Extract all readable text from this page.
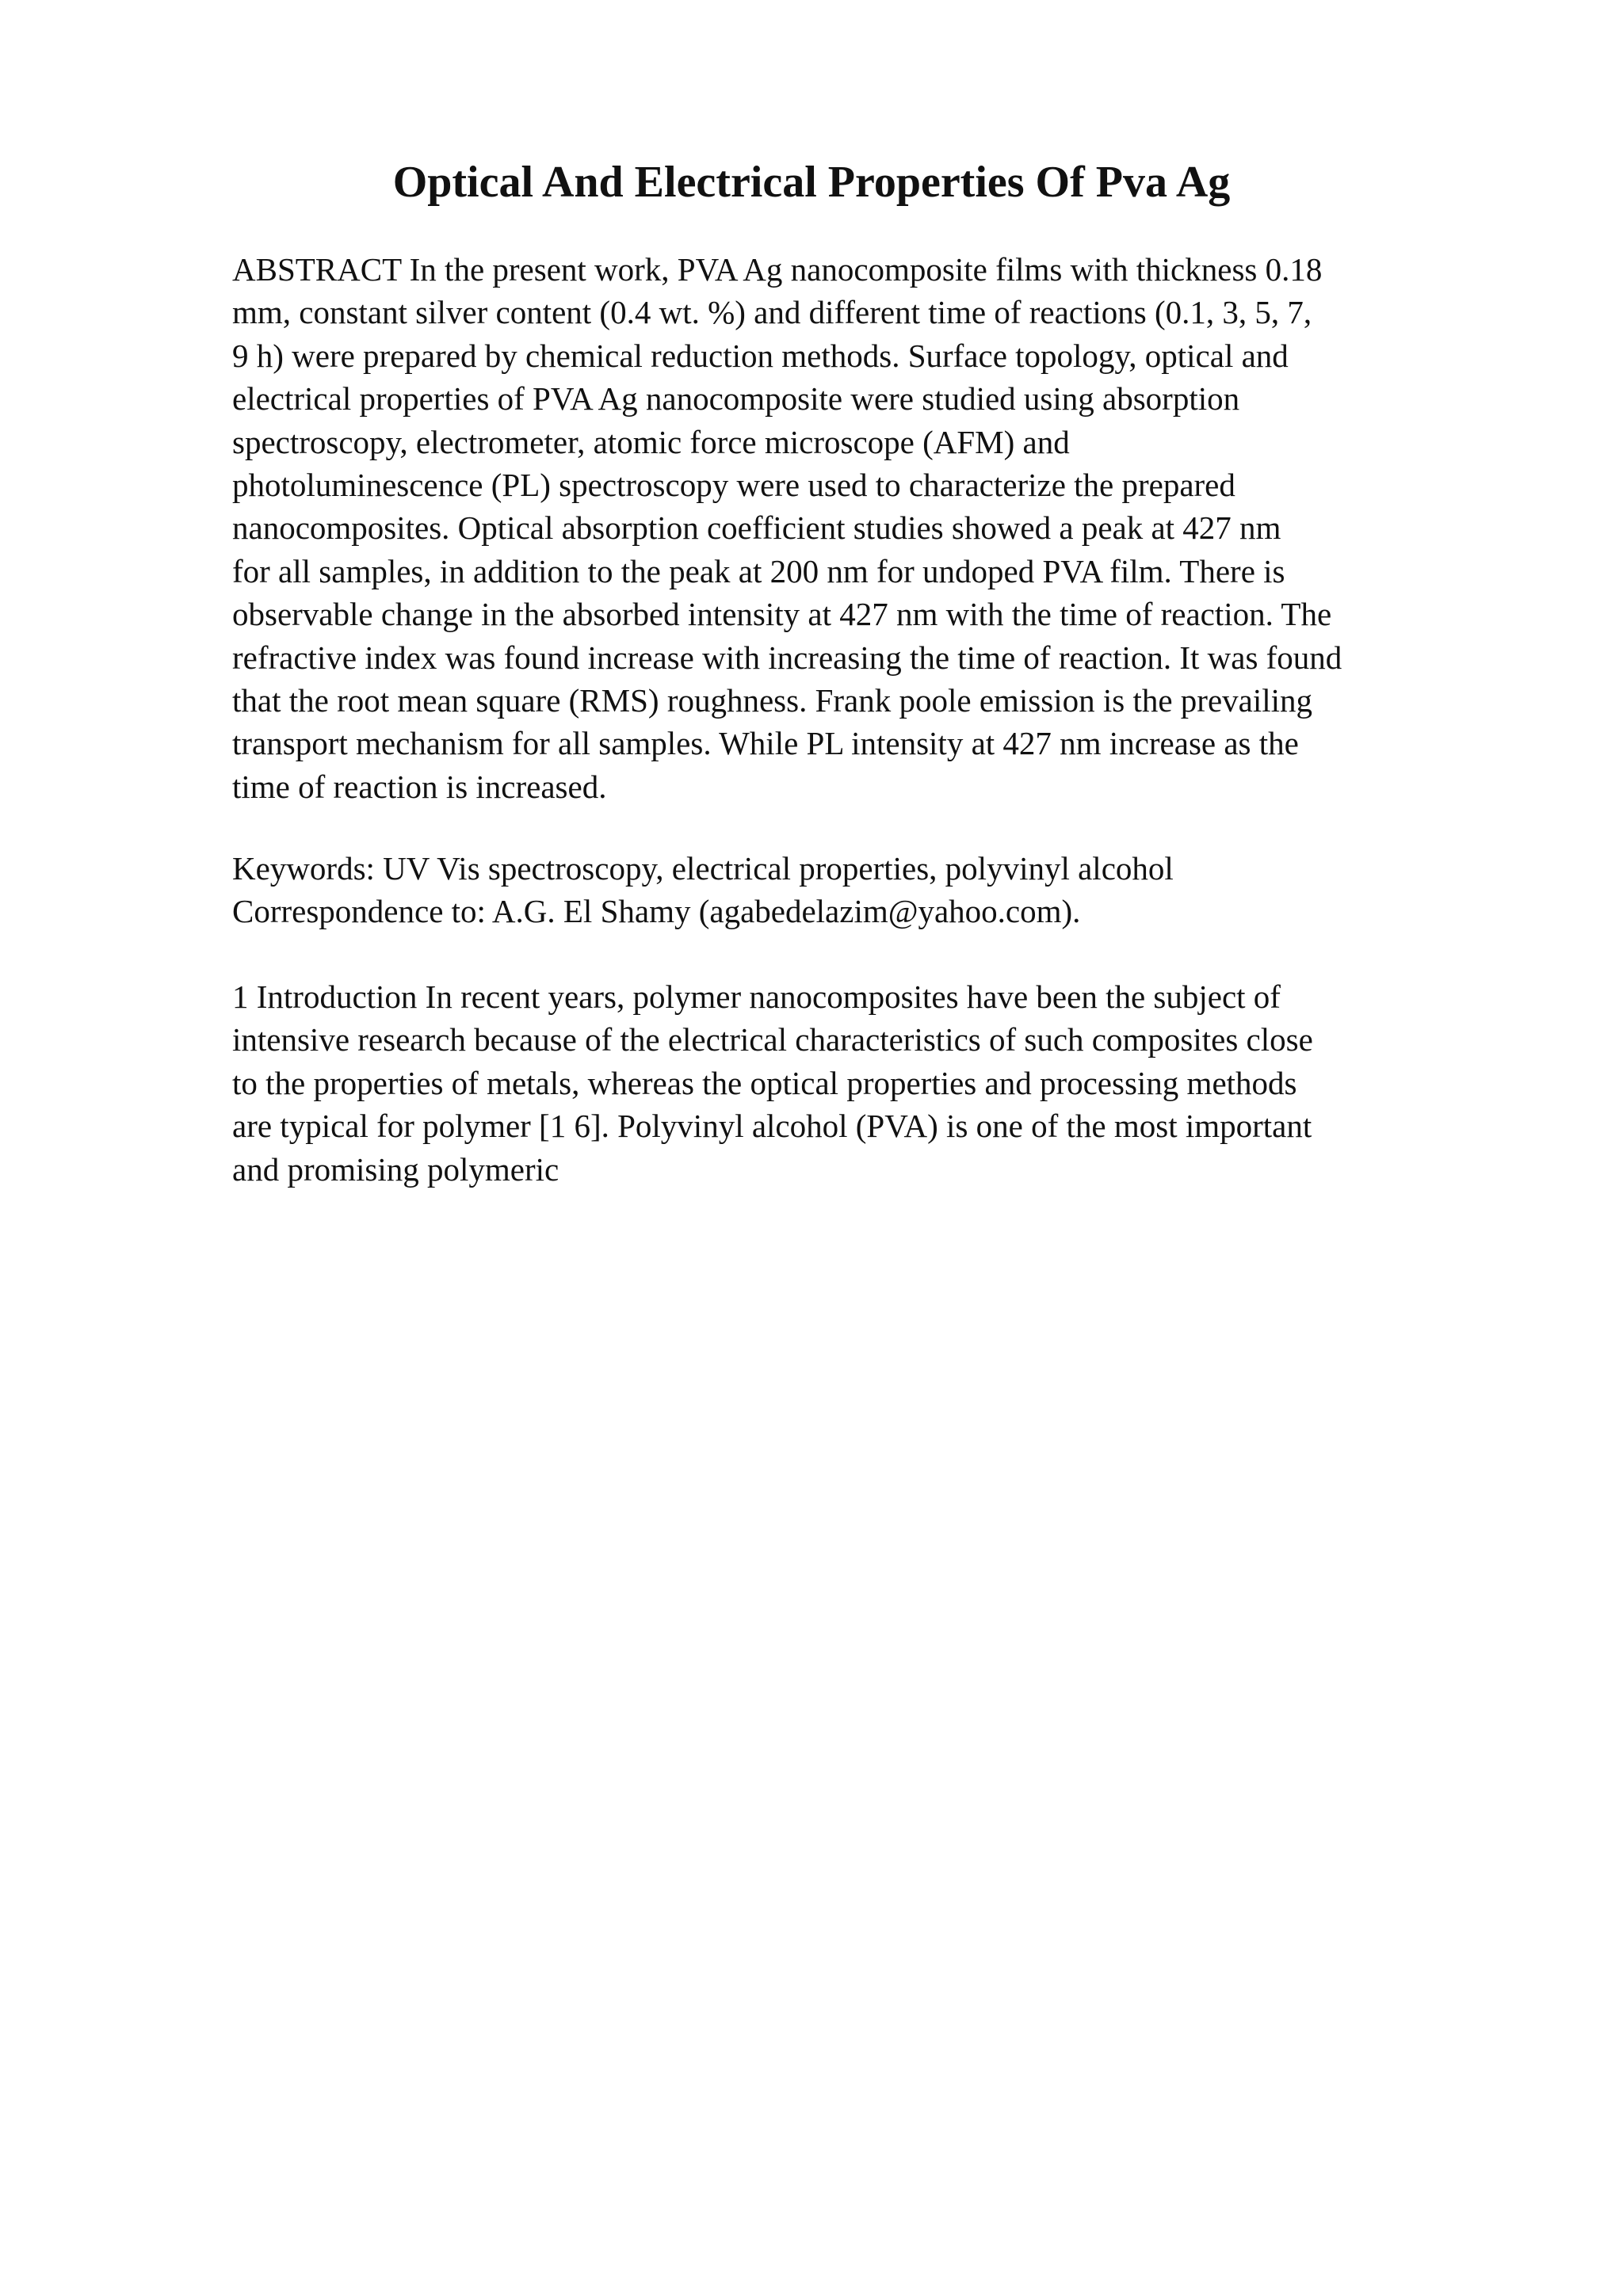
Optical And Electrical Properties Of Pva Ag
ABSTRACT In the present work, PVA Ag nanocomposite films with thickness 0.18
mm, constant silver content (0.4 wt. %) and different time of reactions (0.1, 3, 5, 7,
9 h) were prepared by chemical reduction methods. Surface topology, optical and
electrical properties of PVA Ag nanocomposite were studied using absorption
spectroscopy, electrometer, atomic force microscope (AFM) and
photoluminescence (PL) spectroscopy were used to characterize the prepared
nanocomposites. Optical absorption coefficient studies showed a peak at 427 nm
for all samples, in addition to the peak at 200 nm for undoped PVA film. There is
observable change in the absorbed intensity at 427 nm with the time of reaction. The
refractive index was found increase with increasing the time of reaction. It was found
that the root mean square (RMS) roughness. Frank poole emission is the prevailing
transport mechanism for all samples. While PL intensity at 427 nm increase as the
time of reaction is increased.
Keywords: UV Vis spectroscopy, electrical properties, polyvinyl alcohol
Correspondence to: A.G. El Shamy (agabedelazim@yahoo.com).
1 Introduction In recent years, polymer nanocomposites have been the subject of
intensive research because of the electrical characteristics of such composites close
to the properties of metals, whereas the optical properties and processing methods
are typical for polymer [1 6]. Polyvinyl alcohol (PVA) is one of the most important
and promising polymeric
